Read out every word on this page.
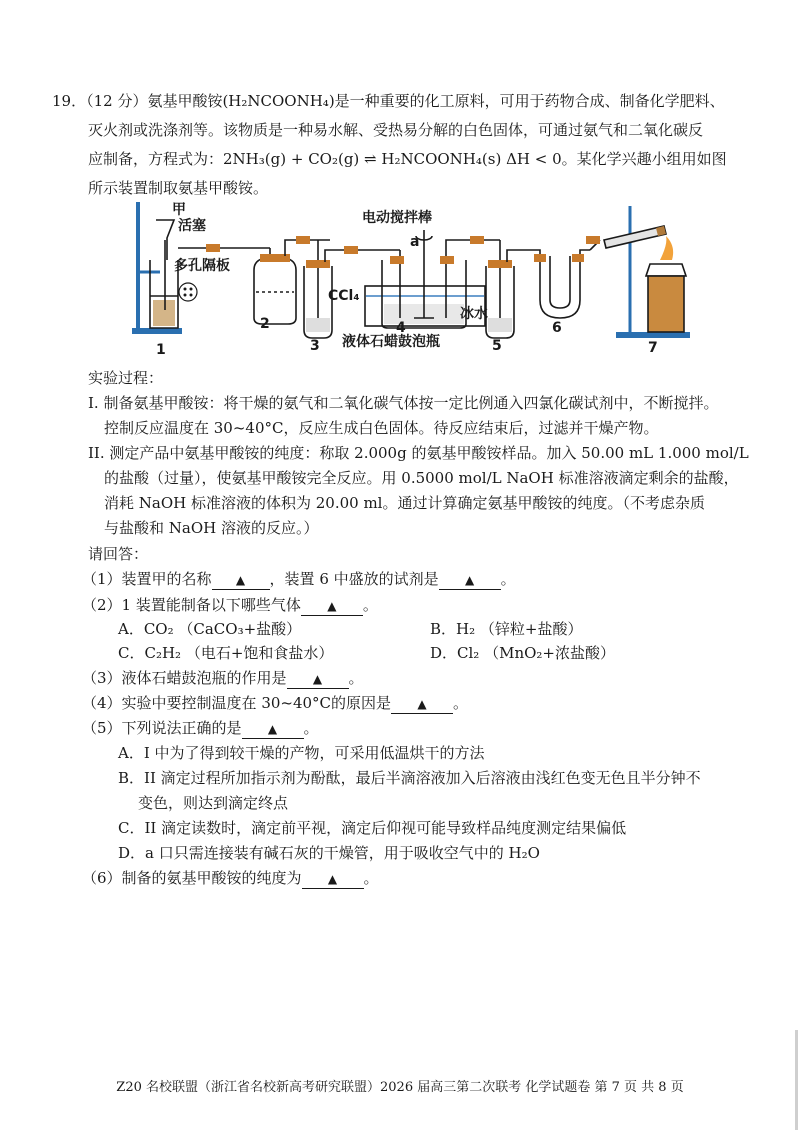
19．（12 分）氨基甲酸铵(H₂NCOONH₄)是一种重要的化工原料，可用于药物合成、制备化学肥料、
灭火剂或洗涤剂等。该物质是一种易水解、受热易分解的白色固体，可通过氨气和二氧化碳反
应制备，方程式为：2NH₃(g) + CO₂(g) ⇌ H₂NCOONH₄(s) ΔH < 0。某化学兴趣小组用如图
所示装置制取氨基甲酸铵。
甲
活塞
多孔隔板
电动搅拌棒
a
CCl₄
冰水
液体石蜡鼓泡瓶
1
2
3
4
5
6
7
实验过程：
I. 制备氨基甲酸铵：将干燥的氨气和二氧化碳气体按一定比例通入四氯化碳试剂中，不断搅拌。
控制反应温度在 30~40°C，反应生成白色固体。待反应结束后，过滤并干燥产物。
II. 测定产品中氨基甲酸铵的纯度：称取 2.000g 的氨基甲酸铵样品。加入 50.00 mL 1.000 mol/L
的盐酸（过量），使氨基甲酸铵完全反应。用 0.5000 mol/L NaOH 标准溶液滴定剩余的盐酸，
消耗 NaOH 标准溶液的体积为 20.00 ml。通过计算确定氨基甲酸铵的纯度。（不考虑杂质
与盐酸和 NaOH 溶液的反应。）
请回答：
（1）装置甲的名称 ▲ ，装置 6 中盛放的试剂是 ▲ 。
（2）1 装置能制备以下哪些气体 ▲ 。
A．CO₂ （CaCO₃+盐酸）	B．H₂ （锌粒+盐酸）
C．C₂H₂ （电石+饱和食盐水）	D．Cl₂ （MnO₂+浓盐酸）
（3）液体石蜡鼓泡瓶的作用是 ▲ 。
（4）实验中要控制温度在 30~40°C的原因是 ▲ 。
（5）下列说法正确的是 ▲ 。
A．I 中为了得到较干燥的产物，可采用低温烘干的方法
B．II 滴定过程所加指示剂为酚酞，最后半滴溶液加入后溶液由浅红色变无色且半分钟不
变色，则达到滴定终点
C．II 滴定读数时，滴定前平视，滴定后仰视可能导致样品纯度测定结果偏低
D．a 口只需连接装有碱石灰的干燥管，用于吸收空气中的 H₂O
（6）制备的氨基甲酸铵的纯度为 ▲ 。
Z20 名校联盟（浙江省名校新高考研究联盟）2026 届高三第二次联考 化学试题卷 第 7 页 共 8 页
